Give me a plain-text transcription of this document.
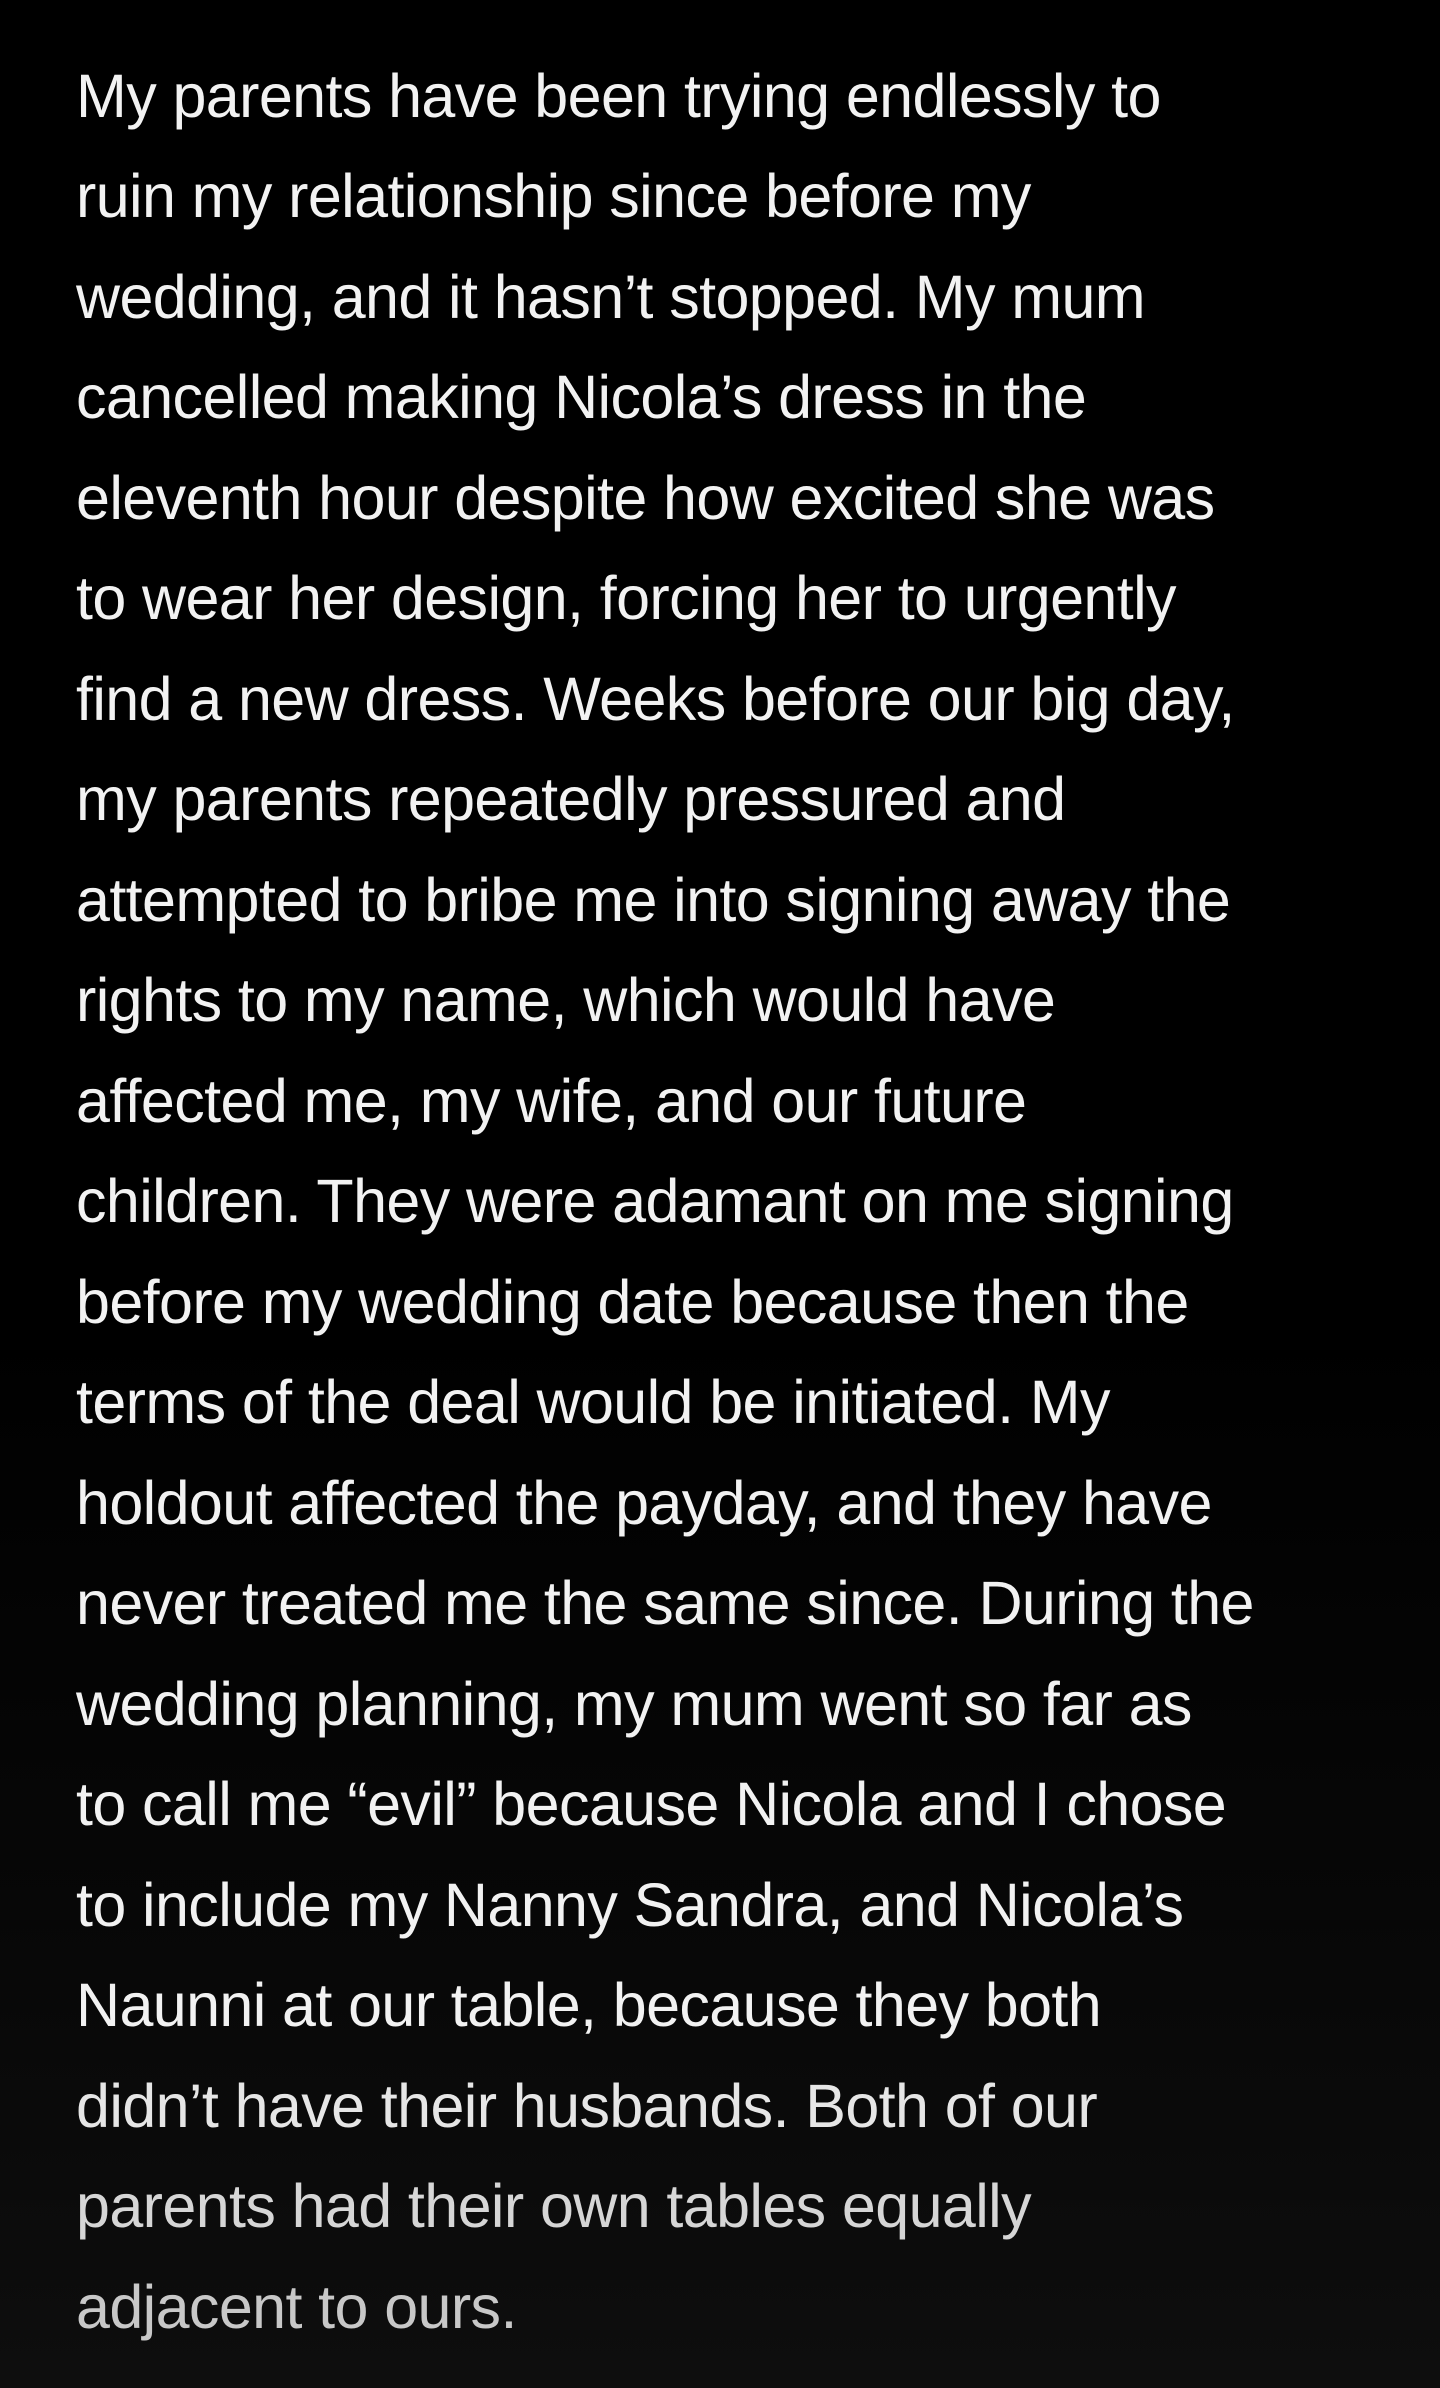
My parents have been trying endlessly to
ruin my relationship since before my
wedding, and it hasn’t stopped. My mum
cancelled making Nicola’s dress in the
eleventh hour despite how excited she was
to wear her design, forcing her to urgently
find a new dress. Weeks before our big day,
my parents repeatedly pressured and
attempted to bribe me into signing away the
rights to my name, which would have
affected me, my wife, and our future
children. They were adamant on me signing
before my wedding date because then the
terms of the deal would be initiated. My
holdout affected the payday, and they have
never treated me the same since. During the
wedding planning, my mum went so far as
to call me “evil” because Nicola and I chose
to include my Nanny Sandra, and Nicola’s
Naunni at our table, because they both
didn’t have their husbands. Both of our
parents had their own tables equally
adjacent to ours.
